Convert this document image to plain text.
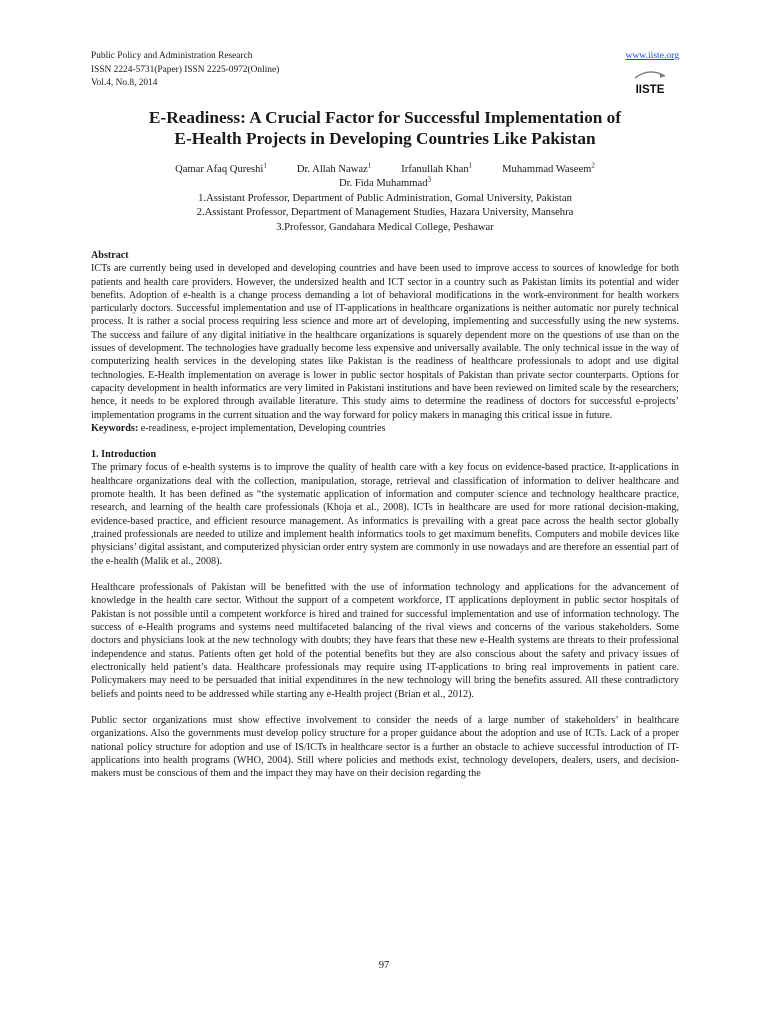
Public Policy and Administration Research
ISSN 2224-5731(Paper) ISSN 2225-0972(Online)
Vol.4, No.8, 2014
www.iiste.org
IISTE
E-Readiness: A Crucial Factor for Successful Implementation of
E-Health Projects in Developing Countries Like Pakistan
Qamar Afaq Qureshi$^1$	Dr. Allah Nawaz$^1$	Irfanullah Khan$^1$	Muhammad Waseem$^2$
Dr. Fida Muhammad$^3$
1.Assistant Professor, Department of Public Administration, Gomal University, Pakistan
2.Assistant Professor, Department of Management Studies, Hazara University, Mansehra
3.Professor, Gandahara Medical College, Peshawar

Abstract

ICTs are currently being used in developed and developing countries and have been used to improve access to sources of knowledge for both patients and health care providers. However, the undersized health and ICT sector in a country such as Pakistan limits its potential and wider benefits. Adoption of e-health is a change process demanding a lot of behavioral modifications in the work-environment for health workers particularly doctors. Successful implementation and use of IT-applications in healthcare organizations is neither automatic nor purely technical process. It is rather a social process requiring less science and more art of developing, implementing and successfully using the new systems. The success and failure of any digital initiative in the healthcare organizations is squarely dependent more on the questions of use than on the issues of development. The technologies have gradually become less expensive and universally available. The only technical issue in the way of computerizing health services in the developing states like Pakistan is the readiness of healthcare professionals to adopt and use digital technologies. E-Health implementation on average is lower in public sector hospitals of Pakistan than private sector counterparts. Options for capacity development in health informatics are very limited in Pakistani institutions and have been reviewed on limited scale by the researchers; hence, it needs to be explored through available literature. This study aims to determine the readiness of doctors for successful e-projects’ implementation programs in the current situation and the way forward for policy makers in managing this critical issue in future.

Keywords: e-readiness, e-project implementation, Developing countries

1. Introduction

The primary focus of e-health systems is to improve the quality of health care with a key focus on evidence-based practice. It-applications in healthcare organizations deal with the collection, manipulation, storage, retrieval and classification of information to deliver healthcare and promote health. It has been defined as “the systematic application of information and computer science and technology healthcare practice, research, and learning of the health care professionals (Khoja et al., 2008). ICTs in healthcare are used for more rational decision-making, evidence-based practice, and efficient resource management. As informatics is prevailing with a great pace across the health sector globally ,trained professionals are needed to utilize and implement health informatics tools to get maximum benefits. Computers and mobile devices like physicians’ digital assistant, and computerized physician order entry system are commonly in use nowadays and are therefore an essential part of the e-health (Malik et al., 2008).

Healthcare professionals of Pakistan will be benefitted with the use of information technology and applications for the advancement of knowledge in the health care sector. Without the support of a competent workforce, IT applications deployment in public sector hospitals of Pakistan is not possible until a competent workforce is hired and trained for successful implementation and use of information technology. The success of e-Health programs and systems need multifaceted balancing of the rival views and concerns of the various stakeholders. Some doctors and physicians look at the new technology with doubts; they have fears that these new e-Health systems are threats to their professional independence and status. Patients often get hold of the potential benefits but they are also conscious about the safety and privacy issues of electronically held patient’s data. Healthcare professionals may require using IT-applications to bring real improvements in patient care. Policymakers may need to be persuaded that initial expenditures in the new technology will bring the benefits assured. All these contradictory beliefs and points need to be addressed while starting any e-Health project (Brian et al., 2012).

Public sector organizations must show effective involvement to consider the needs of a large number of stakeholders’ in healthcare organizations. Also the governments must develop policy structure for a proper guidance about the adoption and use of ICTs. Lack of a proper national policy structure for adoption and use of IS/ICTs in healthcare sector is a further an obstacle to achieve successful introduction of IT-applications into health programs (WHO, 2004). Still where policies and methods exist, technology developers, dealers, users, and decision-makers must be conscious of them and the impact they may have on their decision regarding the

97
